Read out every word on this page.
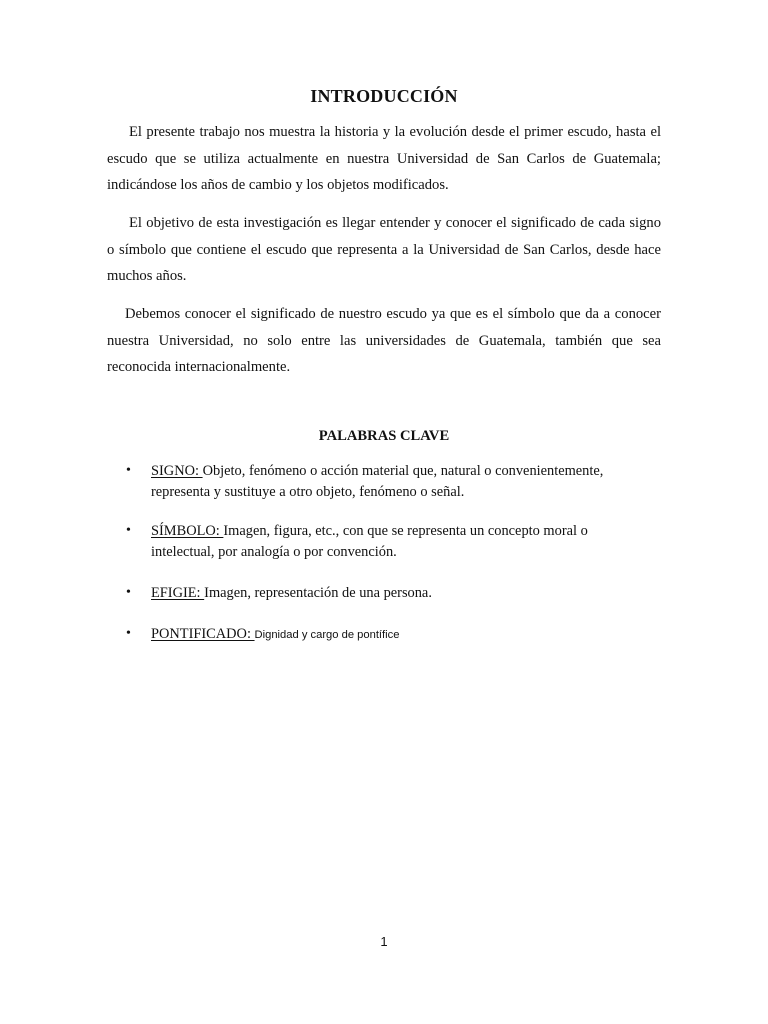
INTRODUCCIÓN

El presente trabajo nos muestra la historia y la evolución desde el primer escudo, hasta el escudo que se utiliza actualmente en nuestra Universidad de San Carlos de Guatemala; indicándose los años de cambio y los objetos modificados.

El objetivo de esta investigación es llegar entender y conocer el significado de cada signo o símbolo que contiene el escudo que representa a la Universidad de San Carlos, desde hace muchos años.

Debemos conocer el significado de nuestro escudo ya que es el símbolo que da a conocer nuestra Universidad, no solo entre las universidades de Guatemala, también que sea reconocida internacionalmente.

PALABRAS CLAVE
•	SIGNO: Objeto, fenómeno o acción material que, natural o convenientemente, representa y sustituye a otro objeto, fenómeno o señal.
•	SÍMBOLO: Imagen, figura, etc., con que se representa un concepto moral o intelectual, por analogía o por convención.
•	EFIGIE: Imagen, representación de una persona.
•	PONTIFICADO: Dignidad y cargo de pontífice

1
